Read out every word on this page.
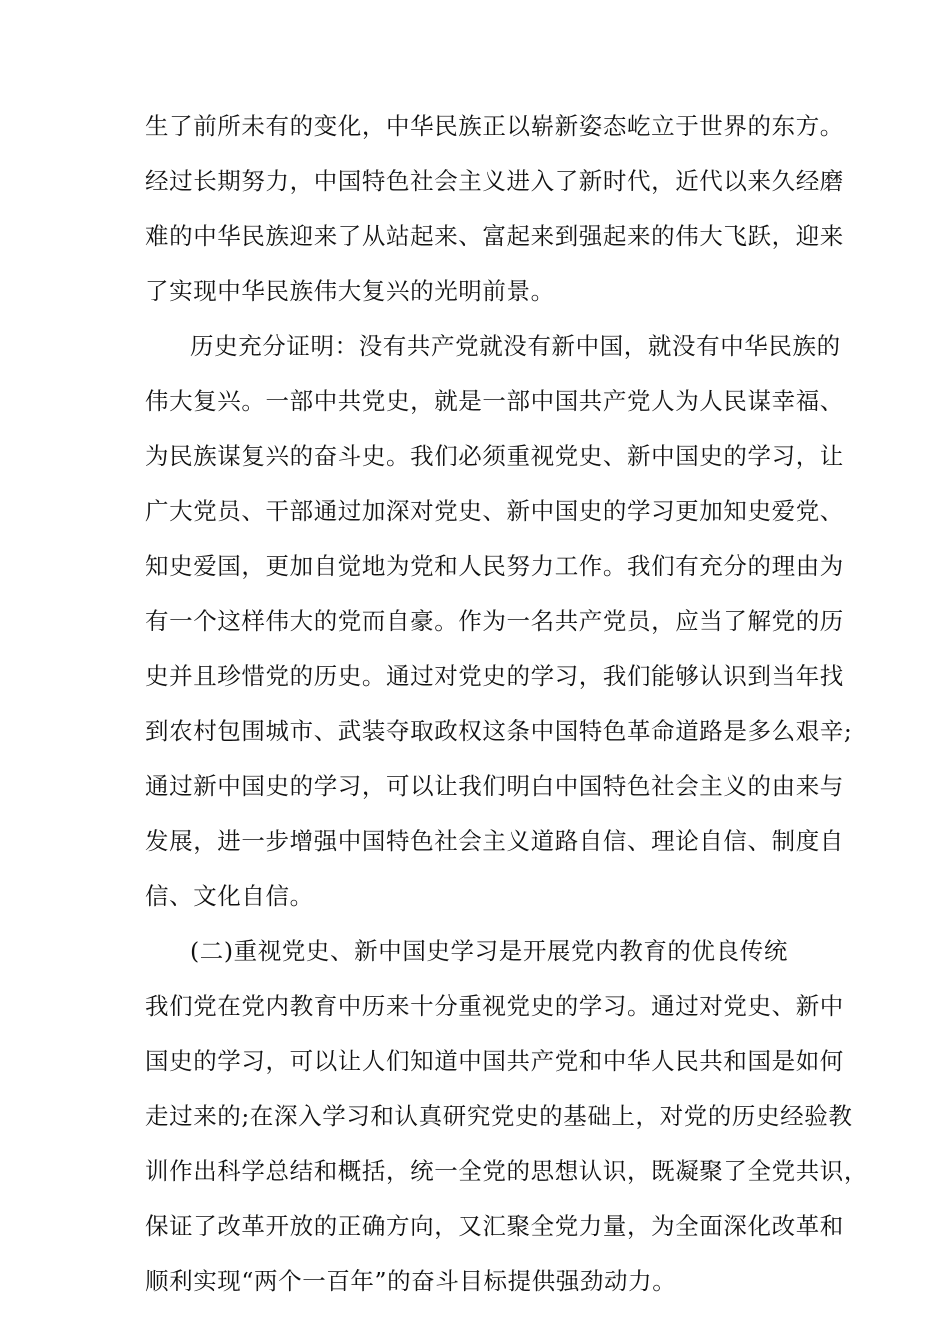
生了前所未有的变化，中华民族正以崭新姿态屹立于世界的东方。
经过长期努力，中国特色社会主义进入了新时代，近代以来久经磨
难的中华民族迎来了从站起来、富起来到强起来的伟大飞跃，迎来
了实现中华民族伟大复兴的光明前景。
历史充分证明：没有共产党就没有新中国，就没有中华民族的
伟大复兴。一部中共党史，就是一部中国共产党人为人民谋幸福、
为民族谋复兴的奋斗史。我们必须重视党史、新中国史的学习，让
广大党员、干部通过加深对党史、新中国史的学习更加知史爱党、
知史爱国，更加自觉地为党和人民努力工作。我们有充分的理由为
有一个这样伟大的党而自豪。作为一名共产党员，应当了解党的历
史并且珍惜党的历史。通过对党史的学习，我们能够认识到当年找
到农村包围城市、武装夺取政权这条中国特色革命道路是多么艰辛;
通过新中国史的学习，可以让我们明白中国特色社会主义的由来与
发展，进一步增强中国特色社会主义道路自信、理论自信、制度自
信、文化自信。
(二)重视党史、新中国史学习是开展党内教育的优良传统
我们党在党内教育中历来十分重视党史的学习。通过对党史、新中
国史的学习，可以让人们知道中国共产党和中华人民共和国是如何
走过来的;在深入学习和认真研究党史的基础上，对党的历史经验教
训作出科学总结和概括，统一全党的思想认识，既凝聚了全党共识，
保证了改革开放的正确方向，又汇聚全党力量，为全面深化改革和
顺利实现“两个一百年”的奋斗目标提供强劲动力。
